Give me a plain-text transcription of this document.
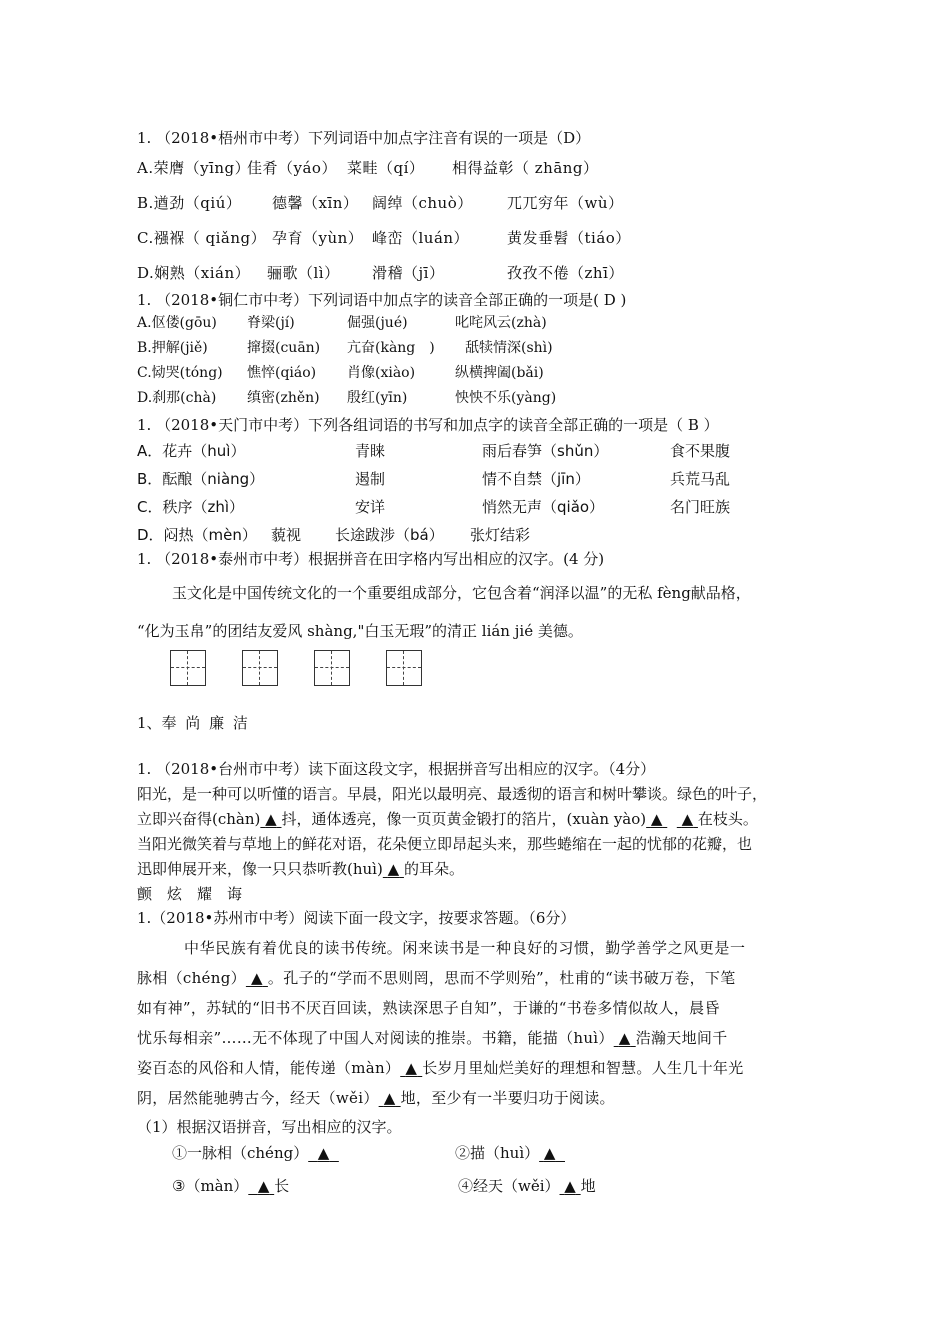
1. （2018•梧州市中考）下列词语中加点字注音有误的一项是（D）
A.荣膺（yīng）佳肴（yáo） 菜畦（qí） 相得益彰（ zhāng）
B.遒劲（qiú） 德馨（xīn） 阔绰（chuò） 兀兀穷年（wù）
C.襁褓（ qiǎng） 孕育（yùn） 峰峦（luán）	黄发垂髫（tiáo）
D.娴熟（xián） 骊歌（lì） 滑稽（jī）	孜孜不倦（zhī）
1. （2018•铜仁市中考）下列词语中加点字的读音全部正确的一项是( D )
A.伛偻(gōu) 脊梁(jí)	倔强(jué)	叱咤风云(zhà)
B.押解(jiě)	撺掇(cuān) 亢奋(kàng　) 舐犊情深(shì)
C.恸哭(tóng) 憔悴(qiáo) 肖像(xiào)	纵横捭阖(bǎi)
D.刹那(chà) 缜密(zhěn) 殷红(yīn)	怏怏不乐(yàng)
1. （2018•天门市中考）下列各组词语的书写和加点字的读音全部正确的一项是（ B ）
A．花卉（huì）	青睐	雨后春笋（shǔn）	食不果腹
B．酝酿（niàng）	遏制	情不自禁（jīn）	兵荒马乱
C．秩序（zhì）	安详	悄然无声（qiǎo）	名门旺族
D．闷热（mèn） 藐视 长途跋涉（bá） 张灯结彩
1. （2018•泰州市中考）根据拼音在田字格内写出相应的汉字。(4 分)
玉文化是中国传统文化的一个重要组成部分，它包含着“润泽以温”的无私 fèng献品格，
“化为玉帛”的团结友爱风 shàng,"白玉无瑕”的清正 lián jié 美德。
1、奉 尚 廉 洁
1. （2018•台州市中考）读下面这段文字，根据拼音写出相应的汉字。（4分）
阳光，是一种可以听懂的语言。早晨，阳光以最明亮、最透彻的语言和树叶攀谈。绿色的叶子，
立即兴奋得(chàn) ▲ 抖，通体透亮，像一页页黄金锻打的箔片，(xuàn yào) ▲ ▲ 在枝头。
当阳光微笑着与草地上的鲜花对语，花朵便立即昂起头来，那些蜷缩在一起的忧郁的花瓣，也
迅即伸展开来，像一只只恭听教(huì) ▲ 的耳朵。
颤　炫　耀　诲
1.（2018•苏州市中考）阅读下面一段文字，按要求答题。（6分）
中华民族有着优良的读书传统。闲来读书是一种良好的习惯，勤学善学之风更是一
脉相（chéng） ▲ 。孔子的“学而不思则罔，思而不学则殆”，杜甫的“读书破万卷，下笔
如有神”，苏轼的“旧书不厌百回读，熟读深思子自知”，于谦的“书卷多情似故人，晨昏
忧乐每相亲”……无不体现了中国人对阅读的推崇。书籍，能描（huì） ▲ 浩瀚天地间千
姿百态的风俗和人情，能传递（màn） ▲ 长岁月里灿烂美好的理想和智慧。人生几十年光
阴，居然能驰骋古今，经天（wěi） ▲ 地，至少有一半要归功于阅读。
（1）根据汉语拼音，写出相应的汉字。
①一脉相（chéng） ▲	②描（huì） ▲
③（màn） ▲ 长	④经天（wěi） ▲ 地
